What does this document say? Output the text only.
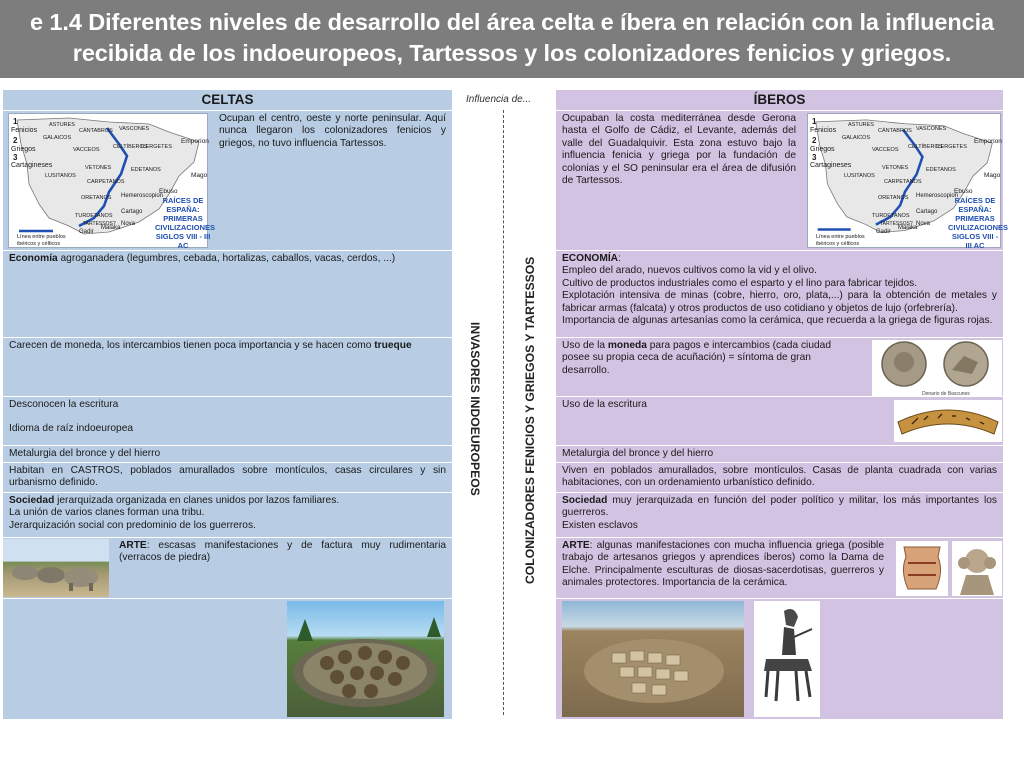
e 1.4 Diferentes niveles de desarrollo del área celta e íbera en relación con la influencia
recibida de los indoeuropeos, Tartessos y los colonizadores fenicios y griegos.
CELTAS
1
Fenicios
2
Griegos
3
Cartagineses
ASTURES
CÁNTABROS VASCONES
GALAICOS
CELTÍBEROS
ILERGETES
VACCEOS
VETONES
LUSITANOS
CARPETANOS
ORETANOS
EDETANOS
TURDETANOS
Emporion
Hemeroscopion
Ebuso
Cartago Nova
Mago
Gadir
Malaka
TARTESSOS?
RAÍCES DE
ESPAÑA:
PRIMERAS
CIVILIZACIONES
SIGLOS VIII - III AC
Línea entre pueblos ibéricos y célticos
Ocupan el centro, oeste y norte peninsular. Aquí nunca llegaron los colonizadores fenicios y griegos, no tuvo influencia Tartessos.
Economía agroganadera (legumbres, cebada, hortalizas, caballos, vacas, cerdos, ...)
Carecen de moneda, los intercambios tienen poca importancia y se hacen como trueque
Desconocen la escritura
Idioma de raíz indoeuropea
Metalurgia del bronce y del hierro
Habitan en CASTROS, poblados amurallados sobre montículos, casas circulares y sin urbanismo definido.
Sociedad jerarquizada organizada en clanes unidos por lazos familiares.
La unión de varios clanes forman una tribu.
Jerarquización social con predominio de los guerreros.
ARTE: escasas manifestaciones y de factura muy rudimentaria (verracos de piedra)
Influencia de...
INVASORES INDOEUROPEOS	COLONIZADORES FENICIOS Y GRIEGOS Y TARTESSOS
ÍBEROS
Ocupaban la costa mediterránea desde Gerona hasta el Golfo de Cádiz, el Levante, además del valle del Guadalquivir. Esta zona estuvo bajo la influencia fenicia y griega por la fundación de colonias y el SO peninsular era el área de difusión de Tartessos.
1
Fenicios
2
Griegos
3
Cartagineses
ASTURES
CÁNTABROS VASCONES
GALAICOS
CELTÍBEROS
ILERGETES
VACCEOS
VETONES
LUSITANOS
CARPETANOS
ORETANOS
EDETANOS
TURDETANOS
Emporion
Hemeroscopion
Ebuso
Cartago Nova
Mago
Gadir
Malaka
TARTESSOS?
RAÍCES DE
ESPAÑA:
PRIMERAS
CIVILIZACIONES
SIGLOS VIII - III AC
Línea entre pueblos ibéricos y célticos
ECONOMÍA:
Empleo del arado, nuevos cultivos como la vid y el olivo.
Cultivo de productos industriales como el esparto y el lino para fabricar tejidos.
Explotación intensiva de minas (cobre, hierro, oro, plata,...) para la obtención de metales y fabricar armas (falcata) y otros productos de uso cotidiano y objetos de lujo (orfebrería).
Importancia de algunas artesanías como la cerámica, que recuerda a la griega de figuras rojas.
Uso de la moneda para pagos e intercambios (cada ciudad posee su propia ceca de acuñación) = síntoma de gran desarrollo.
Denario de Bascunes
Uso de la escritura
Metalurgia del bronce y del hierro
Viven en poblados amurallados, sobre montículos. Casas de planta cuadrada con varias habitaciones, con un ordenamiento urbanístico definido.
Sociedad muy jerarquizada en función del poder político y militar, los más importantes los guerreros.
Existen esclavos
ARTE: algunas manifestaciones con mucha influencia griega (posible trabajo de artesanos griegos y aprendices íberos) como la Dama de Elche. Principalmente esculturas de diosas-sacerdotisas, guerreros y animales protectores. Importancia de la cerámica.
